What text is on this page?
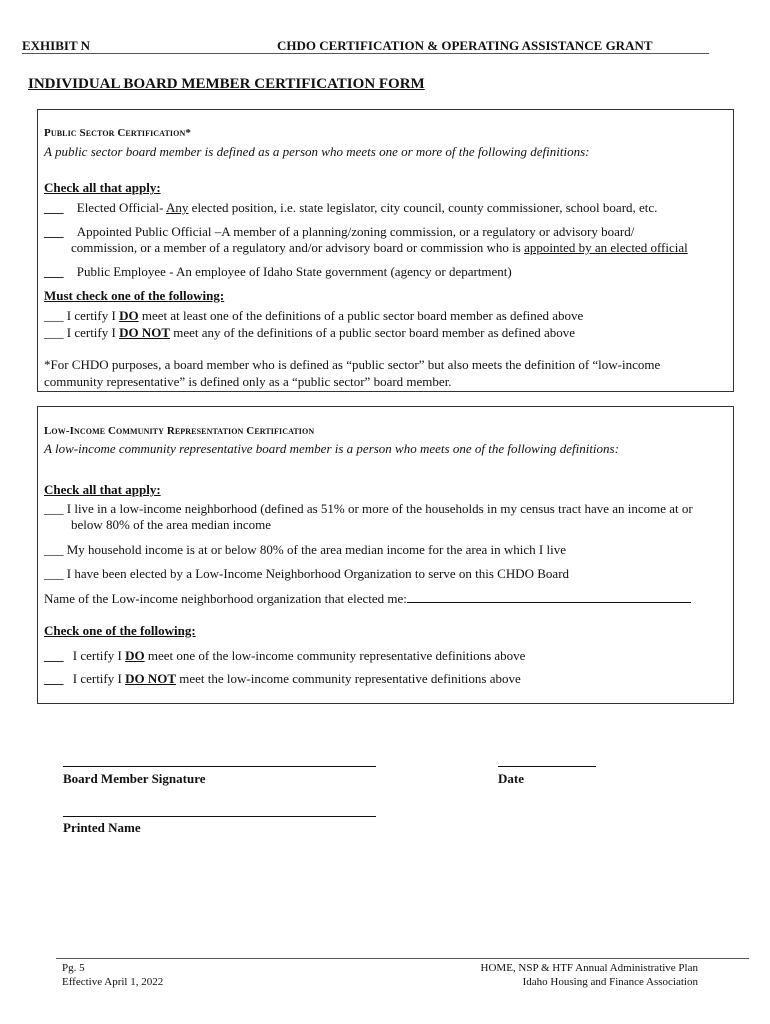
EXHIBIT N	CHDO CERTIFICATION & OPERATING ASSISTANCE GRANT
INDIVIDUAL BOARD MEMBER CERTIFICATION FORM
Public Sector Certification*
A public sector board member is defined as a person who meets one or more of the following definitions:
Check all that apply:
___ Elected Official- Any elected position, i.e. state legislator, city council, county commissioner, school board, etc.
___ Appointed Public Official –A member of a planning/zoning commission, or a regulatory or advisory board/
commission, or a member of a regulatory and/or advisory board or commission who is appointed by an elected official
___ Public Employee - An employee of Idaho State government (agency or department)
Must check one of the following:
___ I certify I DO meet at least one of the definitions of a public sector board member as defined above
___ I certify I DO NOT meet any of the definitions of a public sector board member as defined above
*For CHDO purposes, a board member who is defined as “public sector” but also meets the definition of “low-income
community representative” is defined only as a “public sector” board member.
Low-Income Community Representation Certification
A low-income community representative board member is a person who meets one of the following definitions:
Check all that apply:
___ I live in a low-income neighborhood (defined as 51% or more of the households in my census tract have an income at or
below 80% of the area median income
___ My household income is at or below 80% of the area median income for the area in which I live
___ I have been elected by a Low-Income Neighborhood Organization to serve on this CHDO Board
Name of the Low-income neighborhood organization that elected me:
Check one of the following:
___ I certify I DO meet one of the low-income community representative definitions above
___ I certify I DO NOT meet the low-income community representative definitions above
Board Member Signature	Date
Printed Name
Pg. 5
Effective April 1, 2022
HOME, NSP & HTF Annual Administrative Plan
Idaho Housing and Finance Association
